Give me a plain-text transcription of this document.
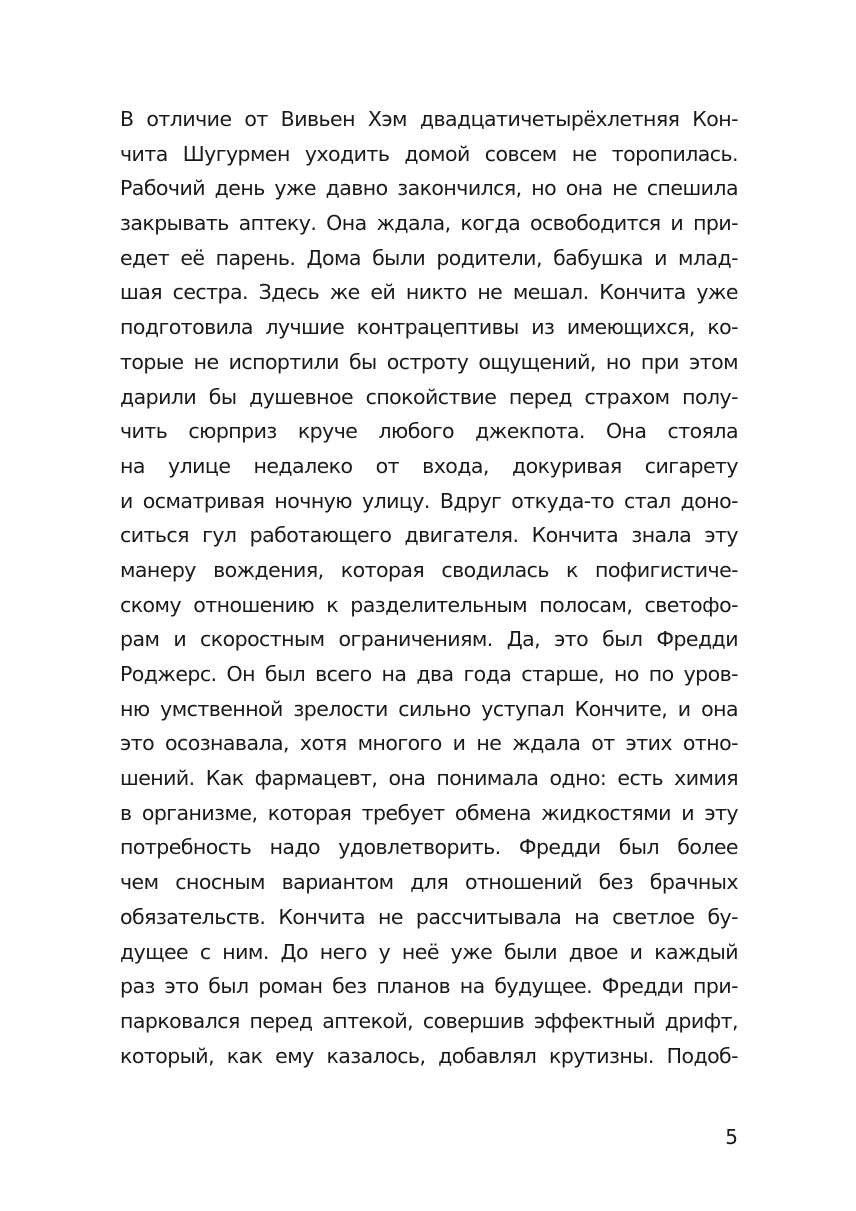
В отличие от Вивьен Хэм двадцатичетырёхлетняя Кон-
чита Шугурмен уходить домой совсем не торопилась.
Рабочий день уже давно закончился, но она не спешила
закрывать аптеку. Она ждала, когда освободится и при-
едет её парень. Дома были родители, бабушка и млад-
шая сестра. Здесь же ей никто не мешал. Кончита уже
подготовила лучшие контрацептивы из имеющихся, ко-
торые не испортили бы остроту ощущений, но при этом
дарили бы душевное спокойствие перед страхом полу-
чить сюрприз круче любого джекпота. Она стояла
на улице недалеко от входа, докуривая сигарету
и осматривая ночную улицу. Вдруг откуда-то стал доно-
ситься гул работающего двигателя. Кончита знала эту
манеру вождения, которая сводилась к пофигистиче-
скому отношению к разделительным полосам, светофо-
рам и скоростным ограничениям. Да, это был Фредди
Роджерс. Он был всего на два года старше, но по уров-
ню умственной зрелости сильно уступал Кончите, и она
это осознавала, хотя многого и не ждала от этих отно-
шений. Как фармацевт, она понимала одно: есть химия
в организме, которая требует обмена жидкостями и эту
потребность надо удовлетворить. Фредди был более
чем сносным вариантом для отношений без брачных
обязательств. Кончита не рассчитывала на светлое бу-
дущее с ним. До него у неё уже были двое и каждый
раз это был роман без планов на будущее. Фредди при-
парковался перед аптекой, совершив эффектный дрифт,
который, как ему казалось, добавлял крутизны. Подоб-
5
